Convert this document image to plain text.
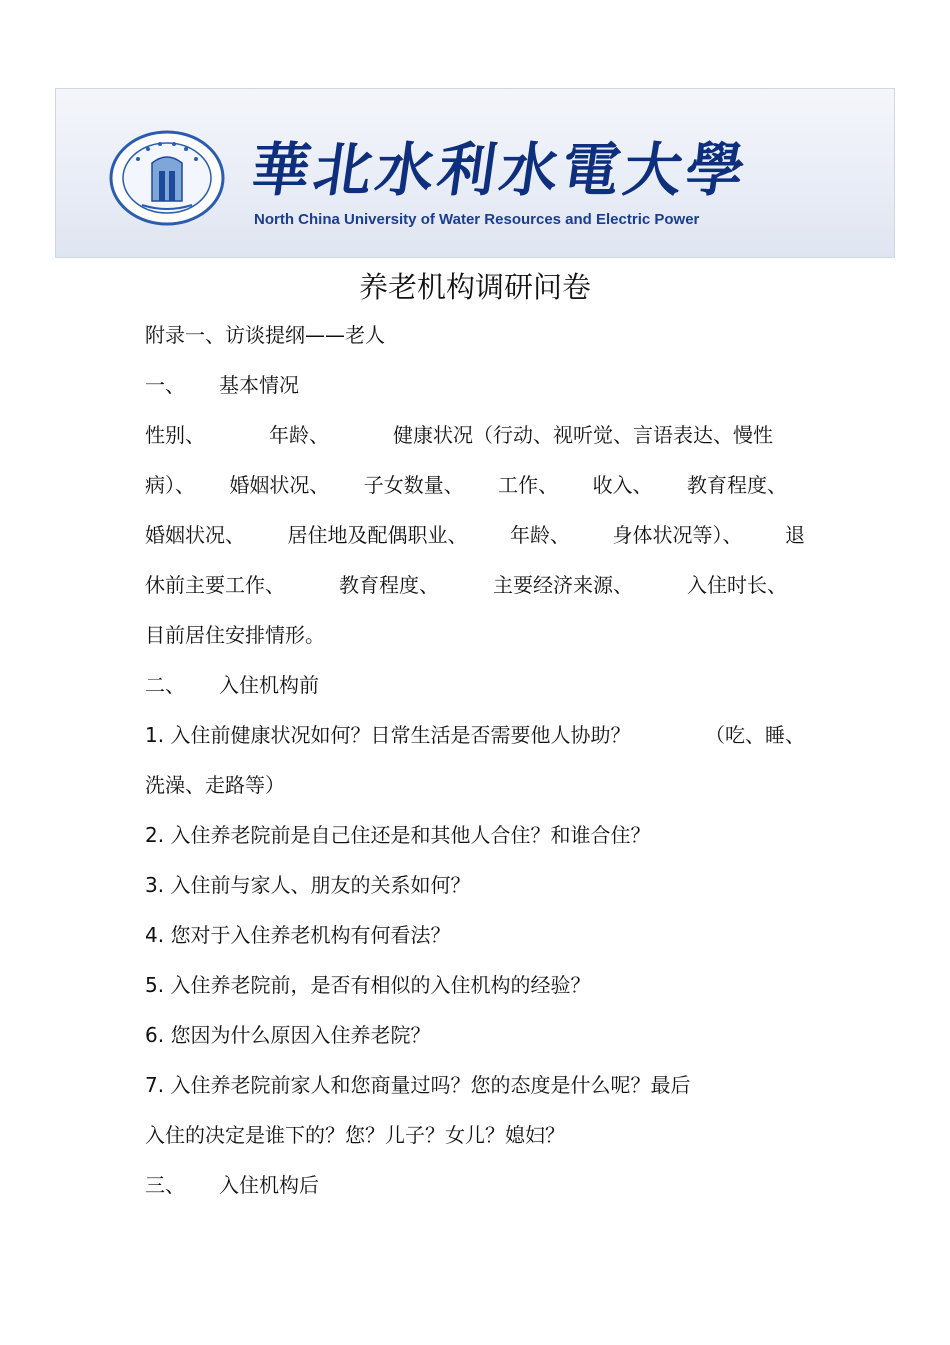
華北水利水電大學
North China University of Water Resources and Electric Power
养老机构调研问卷
附录一、访谈提纲——老人
一、 基本情况
性别、	年龄、	健康状况（行动、视听觉、言语表达、慢性
病）、 婚姻状况、 子女数量、 工作、 收入、 教育程度、
婚姻状况、 居住地及配偶职业、 年龄、 身体状况等）、 退
休前主要工作、	教育程度、	主要经济来源、	入住时长、
目前居住安排情形。
二、 入住机构前
1. 入住前健康状况如何？日常生活是否需要他人协助？	（吃、睡、
洗澡、走路等）
2. 入住养老院前是自己住还是和其他人合住？和谁合住？
3. 入住前与家人、朋友的关系如何？
4. 您对于入住养老机构有何看法？
5. 入住养老院前，是否有相似的入住机构的经验？
6. 您因为什么原因入住养老院？
7. 入住养老院前家人和您商量过吗？您的态度是什么呢？最后
入住的决定是谁下的？您？儿子？女儿？媳妇？
三、 入住机构后
